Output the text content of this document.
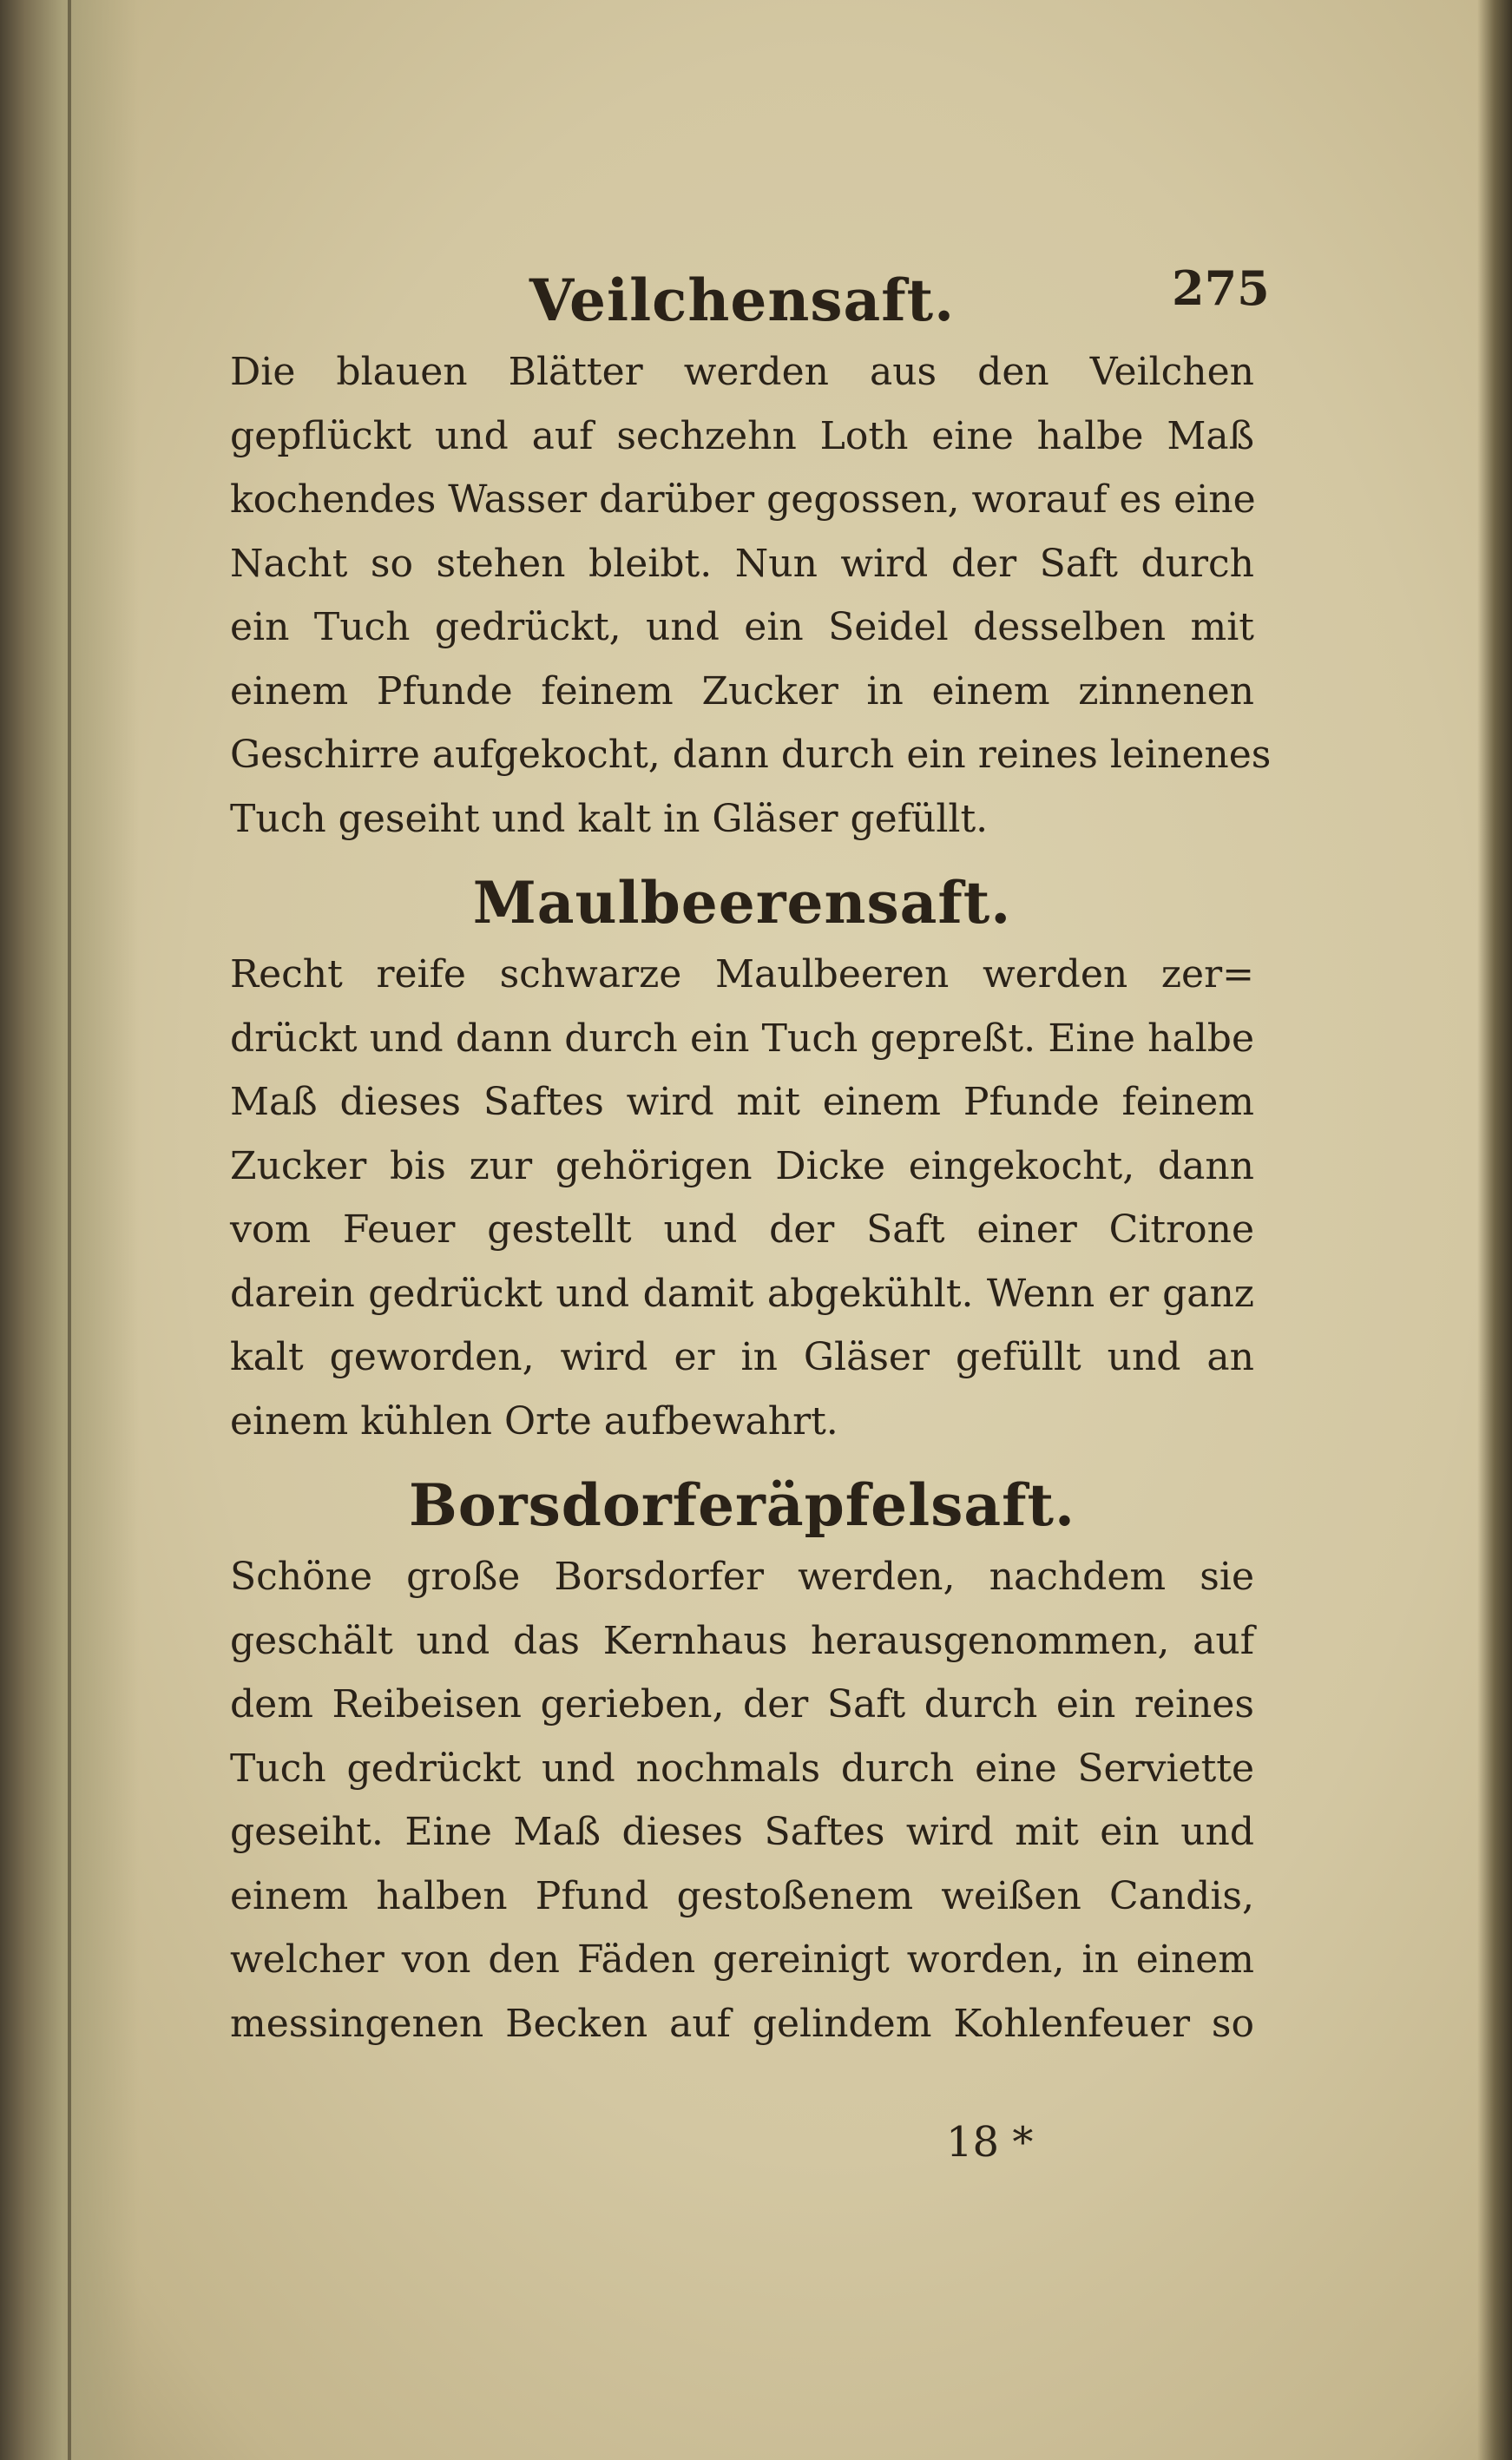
275
Veilchensaft.

Die blauen Blätter werden aus den Veilchen
gepflückt und auf sechzehn Loth eine halbe Maß
kochendes Wasser darüber gegossen, worauf es eine
Nacht so stehen bleibt. Nun wird der Saft durch
ein Tuch gedrückt, und ein Seidel desselben mit
einem Pfunde feinem Zucker in einem zinnenen
Geschirre aufgekocht, dann durch ein reines leinenes
Tuch geseiht und kalt in Gläser gefüllt.

Maulbeerensaft.

Recht reife schwarze Maulbeeren werden zer=
drückt und dann durch ein Tuch gepreßt. Eine halbe
Maß dieses Saftes wird mit einem Pfunde feinem
Zucker bis zur gehörigen Dicke eingekocht, dann
vom Feuer gestellt und der Saft einer Citrone
darein gedrückt und damit abgekühlt. Wenn er ganz
kalt geworden, wird er in Gläser gefüllt und an
einem kühlen Orte aufbewahrt.

Borsdorferäpfelsaft.

Schöne große Borsdorfer werden, nachdem sie
geschält und das Kernhaus herausgenommen, auf
dem Reibeisen gerieben, der Saft durch ein reines
Tuch gedrückt und nochmals durch eine Serviette
geseiht. Eine Maß dieses Saftes wird mit ein und
einem halben Pfund gestoßenem weißen Candis,
welcher von den Fäden gereinigt worden, in einem
messingenen Becken auf gelindem Kohlenfeuer so

18 *
